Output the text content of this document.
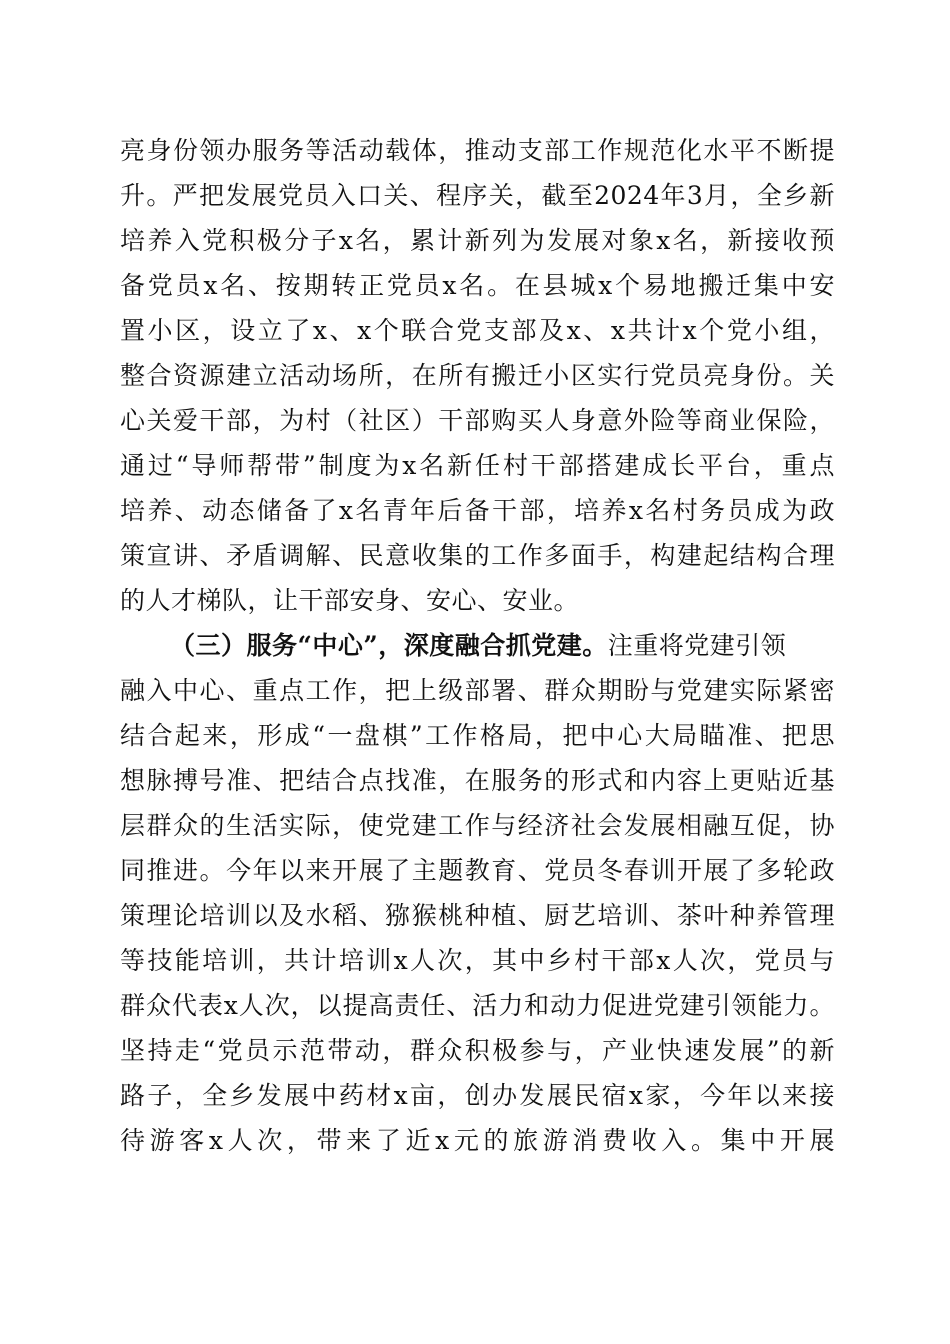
亮身份领办服务等活动载体，推动支部工作规范化水平不断提
升。严把发展党员入口关、程序关，截至2024年3月，全乡新
培养入党积极分子x名，累计新列为发展对象x名，新接收预
备党员x名、按期转正党员x名。在县城x个易地搬迁集中安
置小区，设立了x、x个联合党支部及x、x共计x个党小组，
整合资源建立活动场所，在所有搬迁小区实行党员亮身份。关
心关爱干部，为村（社区）干部购买人身意外险等商业保险，
通过“导师帮带”制度为x名新任村干部搭建成长平台，重点
培养、动态储备了x名青年后备干部，培养x名村务员成为政
策宣讲、矛盾调解、民意收集的工作多面手，构建起结构合理
的人才梯队，让干部安身、安心、安业。
（三）服务“中心”，深度融合抓党建。注重将党建引领
融入中心、重点工作，把上级部署、群众期盼与党建实际紧密
结合起来，形成“一盘棋”工作格局，把中心大局瞄准、把思
想脉搏号准、把结合点找准，在服务的形式和内容上更贴近基
层群众的生活实际，使党建工作与经济社会发展相融互促，协
同推进。今年以来开展了主题教育、党员冬春训开展了多轮政
策理论培训以及水稻、猕猴桃种植、厨艺培训、茶叶种养管理
等技能培训，共计培训x人次，其中乡村干部x人次，党员与
群众代表x人次，以提高责任、活力和动力促进党建引领能力。
坚持走“党员示范带动，群众积极参与，产业快速发展”的新
路子，全乡发展中药材x亩，创办发展民宿x家，今年以来接
待游客x人次，带来了近x元的旅游消费收入。集中开展
